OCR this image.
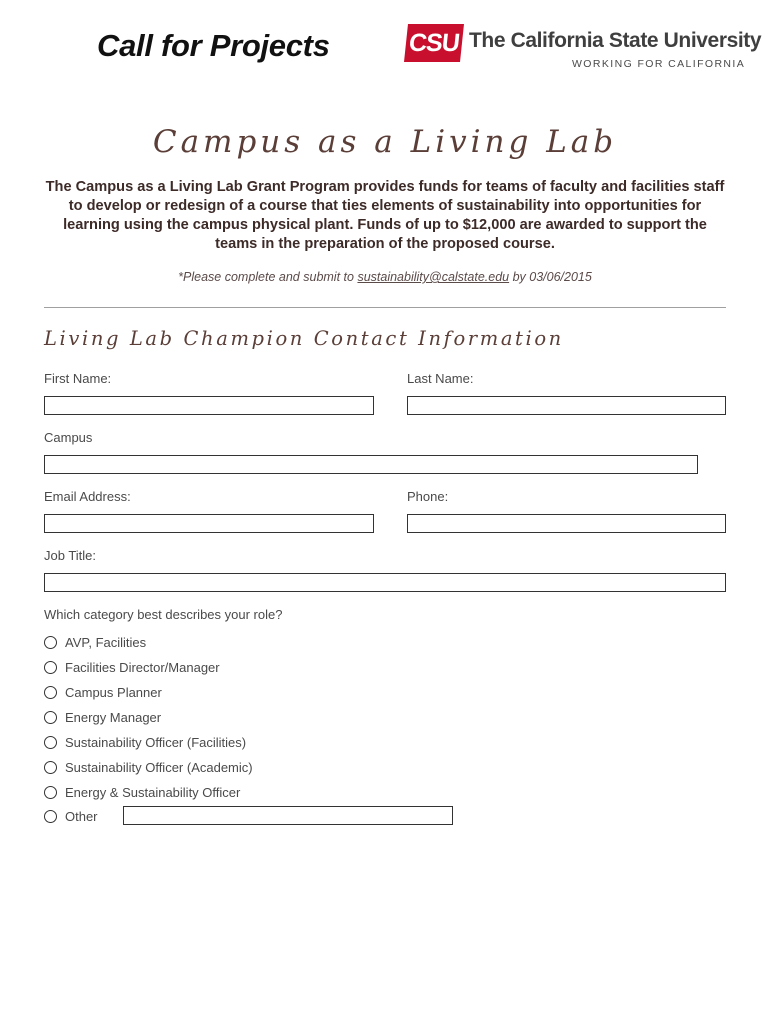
Call for Projects	CSU The California State University
WORKING FOR CALIFORNIA
Campus as a Living Lab
The Campus as a Living Lab Grant Program provides funds for teams of faculty and facilities staff to develop or redesign of a course that ties elements of sustainability into opportunities for learning using the campus physical plant. Funds of up to $12,000 are awarded to support the teams in the preparation of the proposed course.
*Please complete and submit to sustainability@calstate.edu by 03/06/2015
Living Lab Champion Contact Information
First Name:	Last Name:
Campus
Email Address:	Phone:
Job Title:
Which category best describes your role?
AVP, Facilities
Facilities Director/Manager
Campus Planner
Energy Manager
Sustainability Officer (Facilities)
Sustainability Officer (Academic)
Energy & Sustainability Officer
Other
